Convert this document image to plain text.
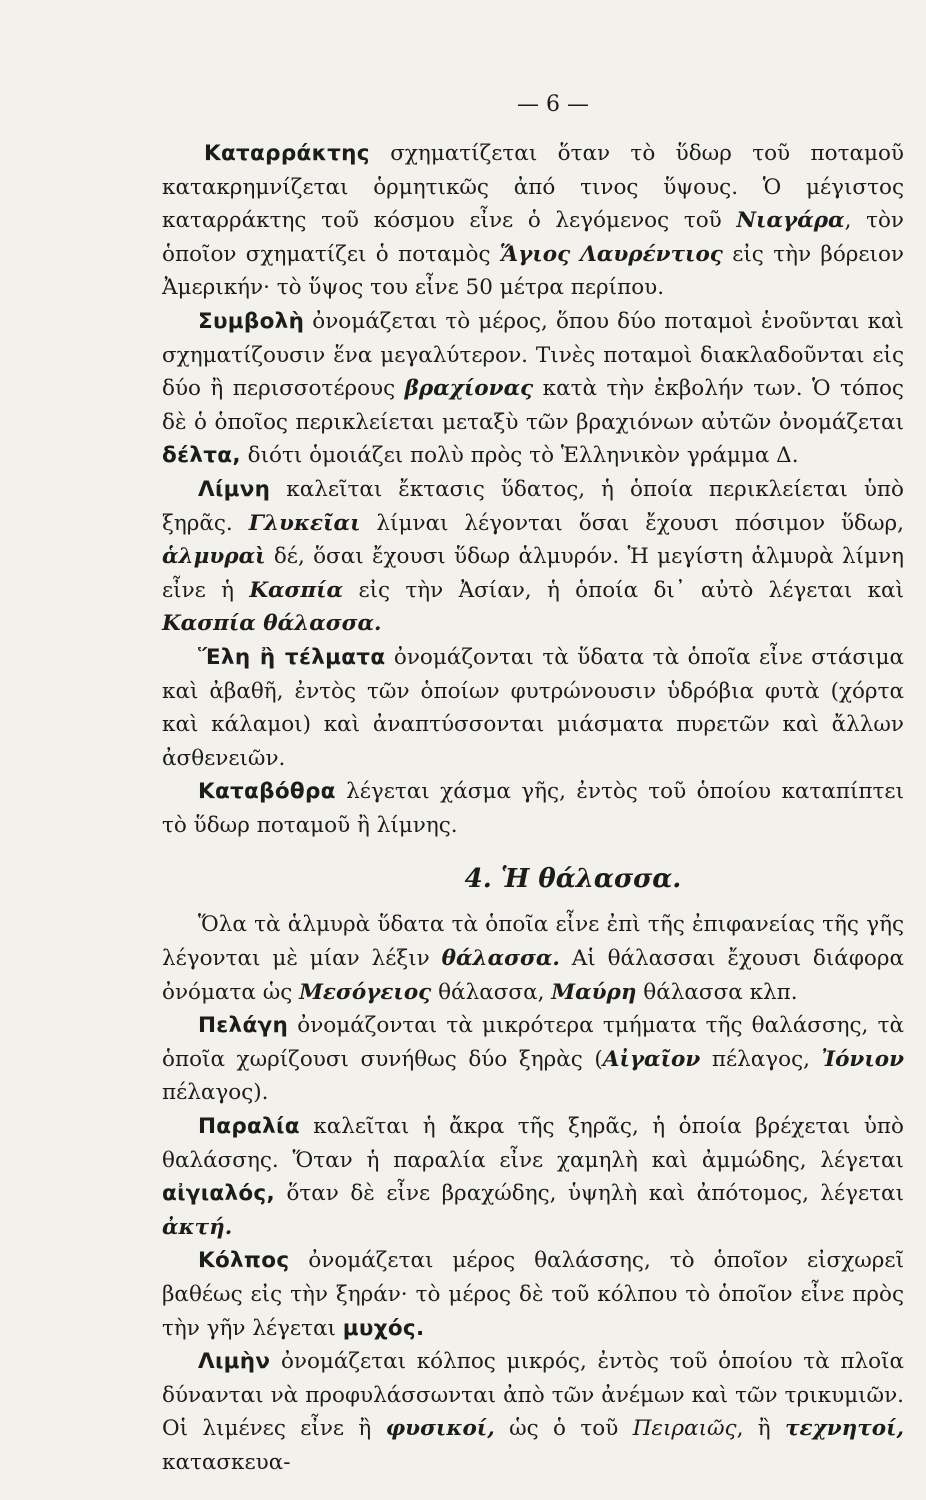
— 6 —

Καταρράκτης σχηματίζεται ὅταν τὸ ὕδωρ τοῦ ποταμοῦ κατακρημνίζεται ὁρμητικῶς ἀπό τινος ὕψους. Ὁ μέγιστος καταρράκτης τοῦ κόσμου εἶνε ὁ λεγόμενος τοῦ Νιαγάρα, τὸν ὁποῖον σχηματίζει ὁ ποταμὸς Ἅγιος Λαυρέντιος εἰς τὴν βόρειον Ἀμερικήν· τὸ ὕψος του εἶνε 50 μέτρα περίπου.

Συμβολὴ ὀνομάζεται τὸ μέρος, ὅπου δύο ποταμοὶ ἑνοῦνται καὶ σχηματίζουσιν ἕνα μεγαλύτερον. Τινὲς ποταμοὶ διακλαδοῦνται εἰς δύο ἢ περισσοτέρους βραχίονας κατὰ τὴν ἐκβολήν των. Ὁ τόπος δὲ ὁ ὁποῖος περικλείεται μεταξὺ τῶν βραχιόνων αὐτῶν ὀνομάζεται δέλτα, διότι ὁμοιάζει πολὺ πρὸς τὸ Ἑλληνικὸν γράμμα Δ.

Λίμνη καλεῖται ἔκτασις ὕδατος, ἡ ὁποία περικλείεται ὑπὸ ξηρᾶς. Γλυκεῖαι λίμναι λέγονται ὅσαι ἔχουσι πόσιμον ὕδωρ, ἁλμυραὶ δέ, ὅσαι ἔχουσι ὕδωρ ἁλμυρόν. Ἡ μεγίστη ἁλμυρὰ λίμνη εἶνε ἡ Κασπία εἰς τὴν Ἀσίαν, ἡ ὁποία δι᾽ αὐτὸ λέγεται καὶ Κασπία θάλασσα.

Ἕλη ἢ τέλματα ὀνομάζονται τὰ ὕδατα τὰ ὁποῖα εἶνε στάσιμα καὶ ἀβαθῆ, ἐντὸς τῶν ὁποίων φυτρώνουσιν ὑδρόβια φυτὰ (χόρτα καὶ κάλαμοι) καὶ ἀναπτύσσονται μιάσματα πυρετῶν καὶ ἄλλων ἀσθενειῶν.

Καταβόθρα λέγεται χάσμα γῆς, ἐντὸς τοῦ ὁποίου καταπίπτει τὸ ὕδωρ ποταμοῦ ἢ λίμνης.

4. Ἡ θάλασσα.

Ὅλα τὰ ἁλμυρὰ ὕδατα τὰ ὁποῖα εἶνε ἐπὶ τῆς ἐπιφανείας τῆς γῆς λέγονται μὲ μίαν λέξιν θάλασσα. Αἱ θάλασσαι ἔχουσι διάφορα ὀνόματα ὡς Μεσόγειος θάλασσα, Μαύρη θάλασσα κλπ.

Πελάγη ὀνομάζονται τὰ μικρότερα τμήματα τῆς θαλάσσης, τὰ ὁποῖα χωρίζουσι συνήθως δύο ξηρὰς (Αἰγαῖον πέλαγος, Ἰόνιον πέλαγος).

Παραλία καλεῖται ἡ ἄκρα τῆς ξηρᾶς, ἡ ὁποία βρέχεται ὑπὸ θαλάσσης. Ὅταν ἡ παραλία εἶνε χαμηλὴ καὶ ἀμμώδης, λέγεται αἰγιαλός, ὅταν δὲ εἶνε βραχώδης, ὑψηλὴ καὶ ἀπότομος, λέγεται ἀκτή.

Κόλπος ὀνομάζεται μέρος θαλάσσης, τὸ ὁποῖον εἰσχωρεῖ βαθέως εἰς τὴν ξηράν· τὸ μέρος δὲ τοῦ κόλπου τὸ ὁποῖον εἶνε πρὸς τὴν γῆν λέγεται μυχός.

Λιμὴν ὀνομάζεται κόλπος μικρός, ἐντὸς τοῦ ὁποίου τὰ πλοῖα δύνανται νὰ προφυλάσσωνται ἀπὸ τῶν ἀνέμων καὶ τῶν τρικυμιῶν. Οἱ λιμένες εἶνε ἢ φυσικοί, ὡς ὁ τοῦ Πειραιῶς, ἢ τεχνητοί, κατασκευα-
